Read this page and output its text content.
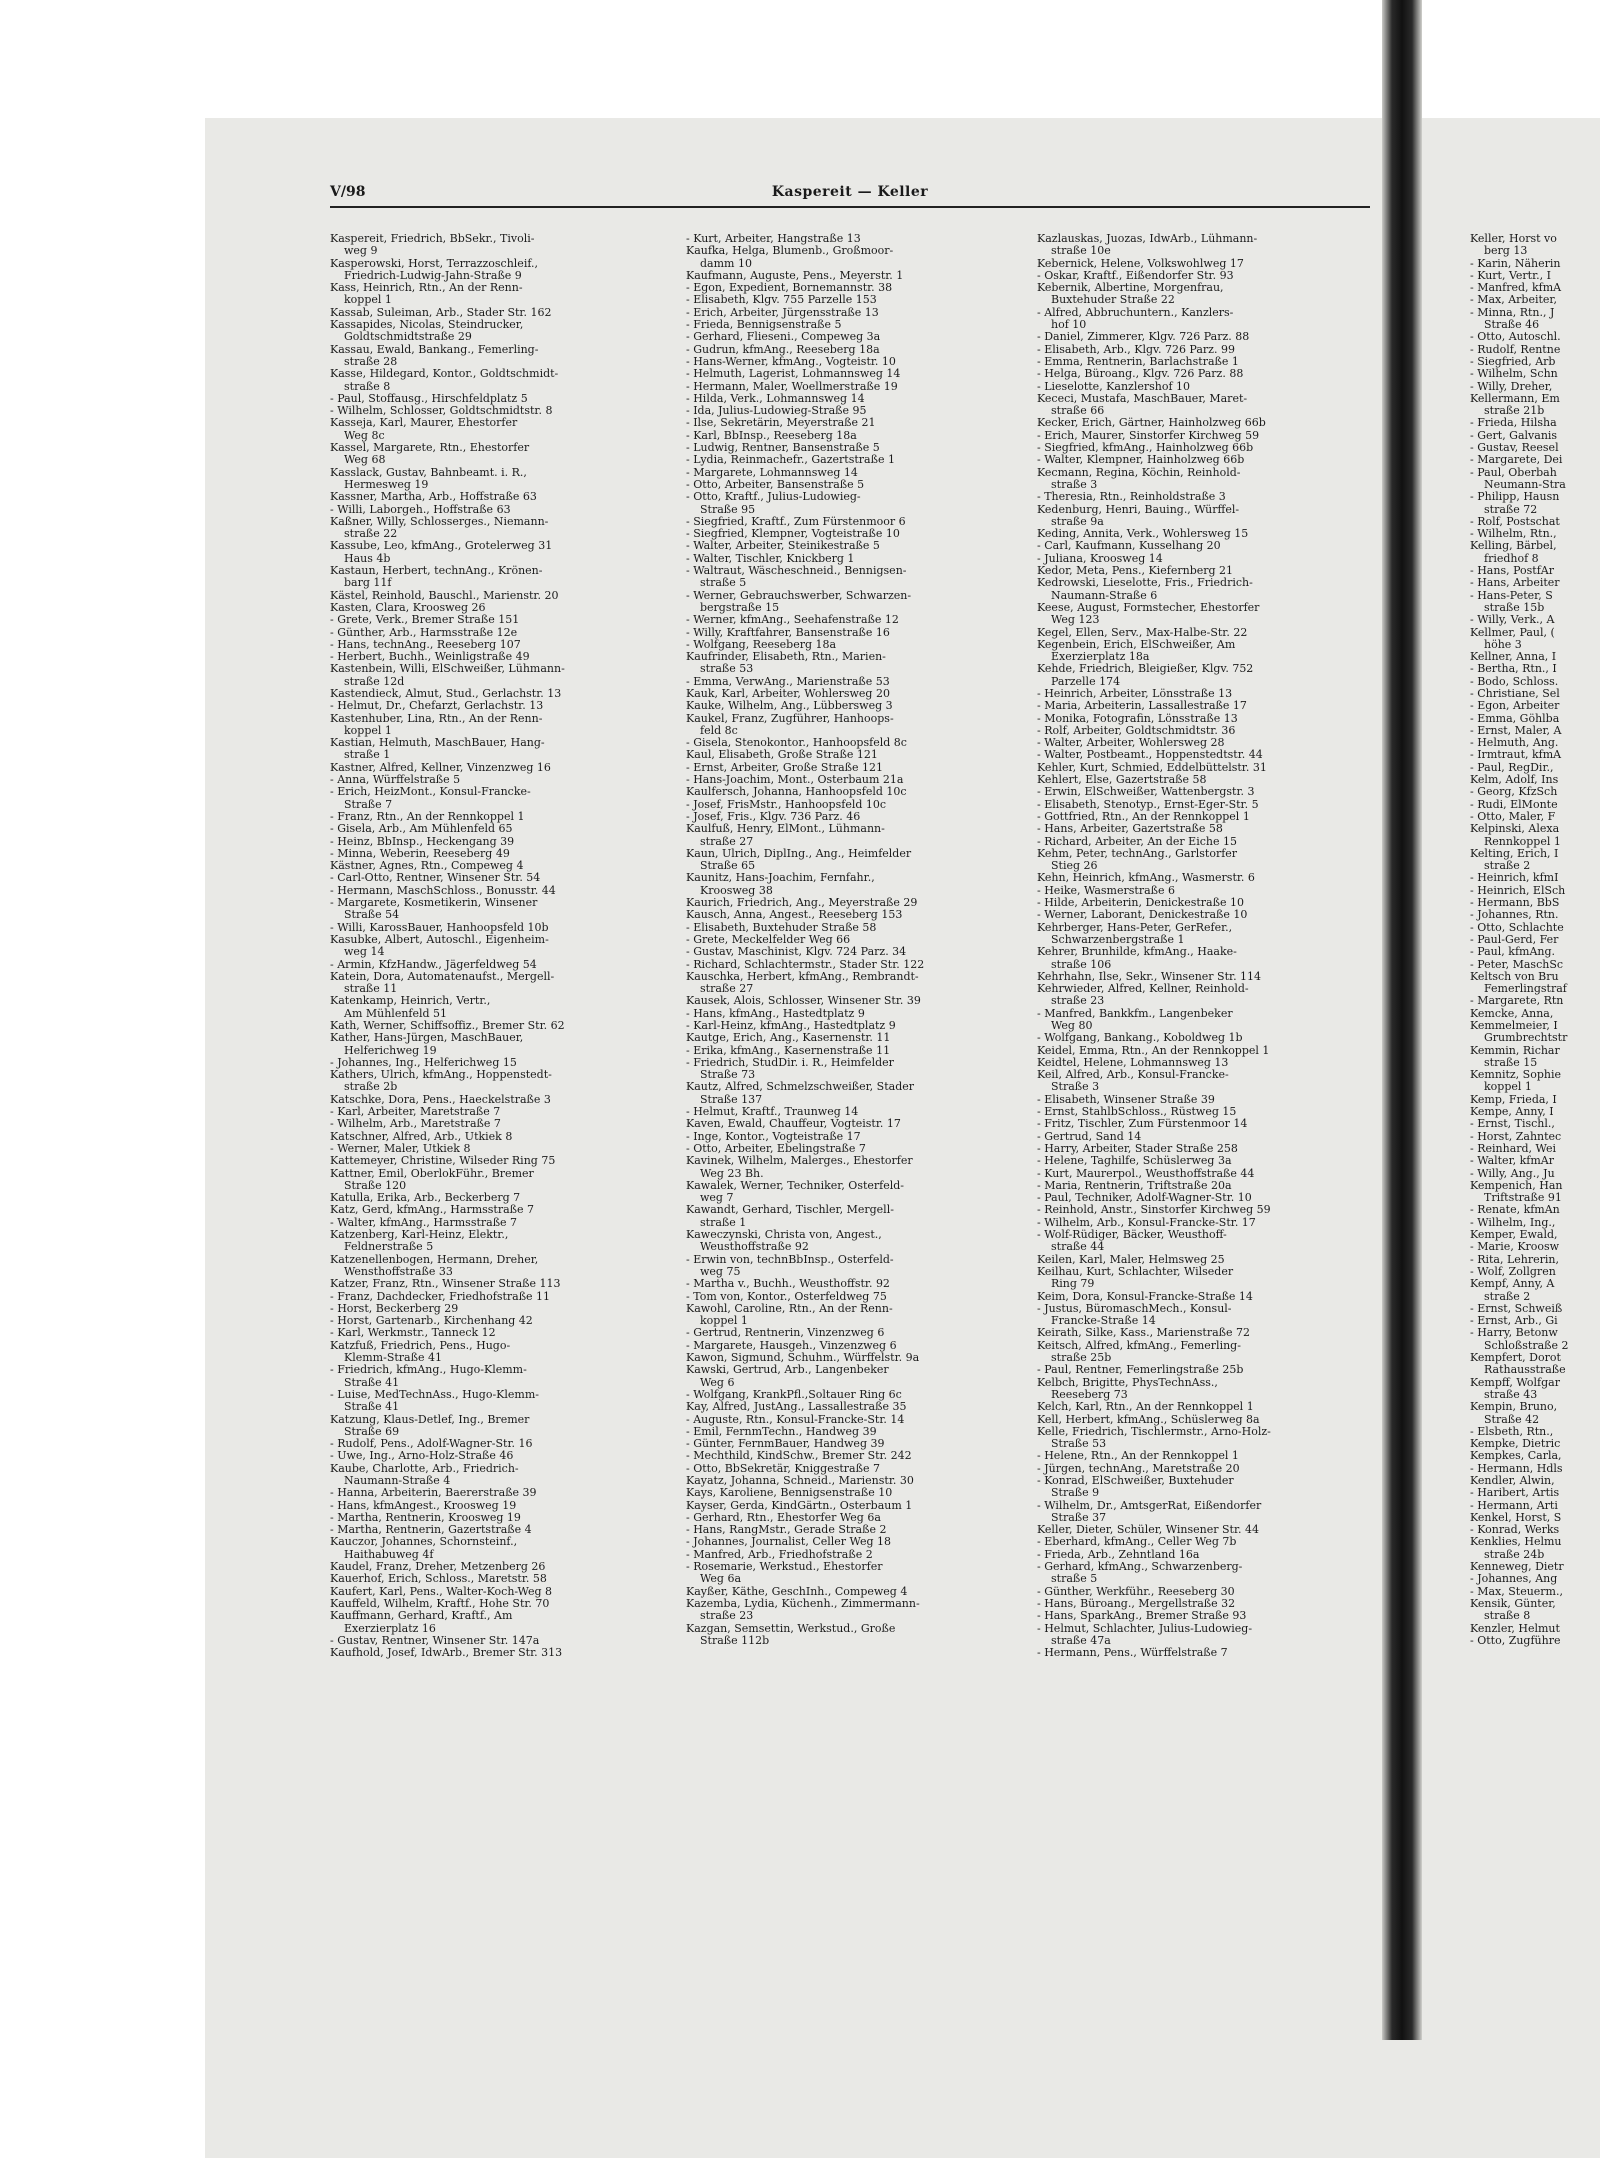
V/98	Kaspereit — Keller
Kaspereit, Friedrich, BbSekr., Tivoli-
weg 9
Kasperowski, Horst, Terrazzoschleif.,
Friedrich-Ludwig-Jahn-Straße 9
Kass, Heinrich, Rtn., An der Renn-
koppel 1
Kassab, Suleiman, Arb., Stader Str. 162
Kassapides, Nicolas, Steindrucker,
Goldtschmidtstraße 29
Kassau, Ewald, Bankang., Femerling-
straße 28
Kasse, Hildegard, Kontor., Goldtschmidt-
straße 8
- Paul, Stoffausg., Hirschfeldplatz 5
- Wilhelm, Schlosser, Goldtschmidtstr. 8
Kasseja, Karl, Maurer, Ehestorfer
Weg 8c
Kassel, Margarete, Rtn., Ehestorfer
Weg 68
Kasslack, Gustav, Bahnbeamt. i. R.,
Hermesweg 19
Kassner, Martha, Arb., Hoffstraße 63
- Willi, Laborgeh., Hoffstraße 63
Kaßner, Willy, Schlosserges., Niemann-
straße 22
Kassube, Leo, kfmAng., Grotelerweg 31
Haus 4b
Kastaun, Herbert, technAng., Krönen-
barg 11f
Kästel, Reinhold, Bauschl., Marienstr. 20
Kasten, Clara, Kroosweg 26
- Grete, Verk., Bremer Straße 151
- Günther, Arb., Harmsstraße 12e
- Hans, technAng., Reeseberg 107
- Herbert, Buchh., Weinligstraße 49
Kastenbein, Willi, ElSchweißer, Lühmann-
straße 12d
Kastendieck, Almut, Stud., Gerlachstr. 13
- Helmut, Dr., Chefarzt, Gerlachstr. 13
Kastenhuber, Lina, Rtn., An der Renn-
koppel 1
Kastian, Helmuth, MaschBauer, Hang-
straße 1
Kastner, Alfred, Kellner, Vinzenzweg 16
- Anna, Würffelstraße 5
- Erich, HeizMont., Konsul-Francke-
Straße 7
- Franz, Rtn., An der Rennkoppel 1
- Gisela, Arb., Am Mühlenfeld 65
- Heinz, BbInsp., Heckengang 39
- Minna, Weberin, Reeseberg 49
Kästner, Agnes, Rtn., Compeweg 4
- Carl-Otto, Rentner, Winsener Str. 54
- Hermann, MaschSchloss., Bonusstr. 44
- Margarete, Kosmetikerin, Winsener
Straße 54
- Willi, KarossBauer, Hanhoopsfeld 10b
Kasubke, Albert, Autoschl., Eigenheim-
weg 14
- Armin, KfzHandw., Jägerfeldweg 54
Katein, Dora, Automatenaufst., Mergell-
straße 11
Katenkamp, Heinrich, Vertr.,
Am Mühlenfeld 51
Kath, Werner, Schiffsoffiz., Bremer Str. 62
Kather, Hans-Jürgen, MaschBauer,
Helferichweg 19
- Johannes, Ing., Helferichweg 15
Kathers, Ulrich, kfmAng., Hoppenstedt-
straße 2b
Katschke, Dora, Pens., Haeckelstraße 3
- Karl, Arbeiter, Maretstraße 7
- Wilhelm, Arb., Maretstraße 7
Katschner, Alfred, Arb., Utkiek 8
- Werner, Maler, Utkiek 8
Kattemeyer, Christine, Wilseder Ring 75
Kattner, Emil, OberlokFühr., Bremer
Straße 120
Katulla, Erika, Arb., Beckerberg 7
Katz, Gerd, kfmAng., Harmsstraße 7
- Walter, kfmAng., Harmsstraße 7
Katzenberg, Karl-Heinz, Elektr.,
Feldnerstraße 5
Katzenellenbogen, Hermann, Dreher,
Wensthoffstraße 33
Katzer, Franz, Rtn., Winsener Straße 113
- Franz, Dachdecker, Friedhofstraße 11
- Horst, Beckerberg 29
- Horst, Gartenarb., Kirchenhang 42
- Karl, Werkmstr., Tanneck 12
Katzfuß, Friedrich, Pens., Hugo-
Klemm-Straße 41
- Friedrich, kfmAng., Hugo-Klemm-
Straße 41
- Luise, MedTechnAss., Hugo-Klemm-
Straße 41
Katzung, Klaus-Detlef, Ing., Bremer
Straße 69
- Rudolf, Pens., Adolf-Wagner-Str. 16
- Uwe, Ing., Arno-Holz-Straße 46
Kaube, Charlotte, Arb., Friedrich-
Naumann-Straße 4
- Hanna, Arbeiterin, Baererstraße 39
- Hans, kfmAngest., Kroosweg 19
- Martha, Rentnerin, Kroosweg 19
- Martha, Rentnerin, Gazertstraße 4
Kauczor, Johannes, Schornsteinf.,
Haithabuweg 4f
Kaudel, Franz, Dreher, Metzenberg 26
Kauerhof, Erich, Schloss., Maretstr. 58
Kaufert, Karl, Pens., Walter-Koch-Weg 8
Kauffeld, Wilhelm, Kraftf., Hohe Str. 70
Kauffmann, Gerhard, Kraftf., Am
Exerzierplatz 16
- Gustav, Rentner, Winsener Str. 147a
Kaufhold, Josef, IdwArb., Bremer Str. 313
- Kurt, Arbeiter, Hangstraße 13
Kaufka, Helga, Blumenb., Großmoor-
damm 10
Kaufmann, Auguste, Pens., Meyerstr. 1
- Egon, Expedient, Bornemannstr. 38
- Elisabeth, Klgv. 755 Parzelle 153
- Erich, Arbeiter, Jürgensstraße 13
- Frieda, Bennigsenstraße 5
- Gerhard, Flieseni., Compeweg 3a
- Gudrun, kfmAng., Reeseberg 18a
- Hans-Werner, kfmAng., Vogteistr. 10
- Helmuth, Lagerist, Lohmannsweg 14
- Hermann, Maler, Woellmerstraße 19
- Hilda, Verk., Lohmannsweg 14
- Ida, Julius-Ludowieg-Straße 95
- Ilse, Sekretärin, Meyerstraße 21
- Karl, BbInsp., Reeseberg 18a
- Ludwig, Rentner, Bansenstraße 5
- Lydia, Reinmachefr., Gazertstraße 1
- Margarete, Lohmannsweg 14
- Otto, Arbeiter, Bansenstraße 5
- Otto, Kraftf., Julius-Ludowieg-
Straße 95
- Siegfried, Kraftf., Zum Fürstenmoor 6
- Siegfried, Klempner, Vogteistraße 10
- Walter, Arbeiter, Steinikestraße 5
- Walter, Tischler, Knickberg 1
- Waltraut, Wäscheschneid., Bennigsen-
straße 5
- Werner, Gebrauchswerber, Schwarzen-
bergstraße 15
- Werner, kfmAng., Seehafenstraße 12
- Willy, Kraftfahrer, Bansenstraße 16
- Wolfgang, Reeseberg 18a
Kaufrinder, Elisabeth, Rtn., Marien-
straße 53
- Emma, VerwAng., Marienstraße 53
Kauk, Karl, Arbeiter, Wohlersweg 20
Kauke, Wilhelm, Ang., Lübbersweg 3
Kaukel, Franz, Zugführer, Hanhoops-
feld 8c
- Gisela, Stenokontor., Hanhoopsfeld 8c
Kaul, Elisabeth, Große Straße 121
- Ernst, Arbeiter, Große Straße 121
- Hans-Joachim, Mont., Osterbaum 21a
Kaulfersch, Johanna, Hanhoopsfeld 10c
- Josef, FrisMstr., Hanhoopsfeld 10c
- Josef, Fris., Klgv. 736 Parz. 46
Kaulfuß, Henry, ElMont., Lühmann-
straße 27
Kaun, Ulrich, DiplIng., Ang., Heimfelder
Straße 65
Kaunitz, Hans-Joachim, Fernfahr.,
Kroosweg 38
Kaurich, Friedrich, Ang., Meyerstraße 29
Kausch, Anna, Angest., Reeseberg 153
- Elisabeth, Buxtehuder Straße 58
- Grete, Meckelfelder Weg 66
- Gustav, Maschinist, Klgv. 724 Parz. 34
- Richard, Schlachtermstr., Stader Str. 122
Kauschka, Herbert, kfmAng., Rembrandt-
straße 27
Kausek, Alois, Schlosser, Winsener Str. 39
- Hans, kfmAng., Hastedtplatz 9
- Karl-Heinz, kfmAng., Hastedtplatz 9
Kautge, Erich, Ang., Kasernenstr. 11
- Erika, kfmAng., Kasernenstraße 11
- Friedrich, StudDir. i. R., Heimfelder
Straße 73
Kautz, Alfred, Schmelzschweißer, Stader
Straße 137
- Helmut, Kraftf., Traunweg 14
Kaven, Ewald, Chauffeur, Vogteistr. 17
- Inge, Kontor., Vogteistraße 17
- Otto, Arbeiter, Ebelingstraße 7
Kavinek, Wilhelm, Malerges., Ehestorfer
Weg 23 Bh.
Kawalek, Werner, Techniker, Osterfeld-
weg 7
Kawandt, Gerhard, Tischler, Mergell-
straße 1
Kaweczynski, Christa von, Angest.,
Weusthoffstraße 92
- Erwin von, technBbInsp., Osterfeld-
weg 75
- Martha v., Buchh., Weusthoffstr. 92
- Tom von, Kontor., Osterfeldweg 75
Kawohl, Caroline, Rtn., An der Renn-
koppel 1
- Gertrud, Rentnerin, Vinzenzweg 6
- Margarete, Hausgeh., Vinzenzweg 6
Kawon, Sigmund, Schuhm., Würffelstr. 9a
Kawski, Gertrud, Arb., Langenbeker
Weg 6
- Wolfgang, KrankPfl.,Soltauer Ring 6c
Kay, Alfred, JustAng., Lassallestraße 35
- Auguste, Rtn., Konsul-Francke-Str. 14
- Emil, FernmTechn., Handweg 39
- Günter, FernmBauer, Handweg 39
- Mechthild, KindSchw., Bremer Str. 242
- Otto, BbSekretär, Kniggestraße 7
Kayatz, Johanna, Schneid., Marienstr. 30
Kays, Karoliene, Bennigsenstraße 10
Kayser, Gerda, KindGärtn., Osterbaum 1
- Gerhard, Rtn., Ehestorfer Weg 6a
- Hans, RangMstr., Gerade Straße 2
- Johannes, Journalist, Celler Weg 18
- Manfred, Arb., Friedhofstraße 2
- Rosemarie, Werkstud., Ehestorfer
Weg 6a
Kayßer, Käthe, GeschInh., Compeweg 4
Kazemba, Lydia, Küchenh., Zimmermann-
straße 23
Kazgan, Semsettin, Werkstud., Große
Straße 112b
Kazlauskas, Juozas, IdwArb., Lühmann-
straße 10e
Kebernick, Helene, Volkswohlweg 17
- Oskar, Kraftf., Eißendorfer Str. 93
Kebernik, Albertine, Morgenfrau,
Buxtehuder Straße 22
- Alfred, Abbruchuntern., Kanzlers-
hof 10
- Daniel, Zimmerer, Klgv. 726 Parz. 88
- Elisabeth, Arb., Klgv. 726 Parz. 99
- Emma, Rentnerin, Barlachstraße 1
- Helga, Büroang., Klgv. 726 Parz. 88
- Lieselotte, Kanzlershof 10
Kececi, Mustafa, MaschBauer, Maret-
straße 66
Kecker, Erich, Gärtner, Hainholzweg 66b
- Erich, Maurer, Sinstorfer Kirchweg 59
- Siegfried, kfmAng., Hainholzweg 66b
- Walter, Klempner, Hainholzweg 66b
Kecmann, Regina, Köchin, Reinhold-
straße 3
- Theresia, Rtn., Reinholdstraße 3
Kedenburg, Henri, Bauing., Würffel-
straße 9a
Keding, Annita, Verk., Wohlersweg 15
- Carl, Kaufmann, Kusselhang 20
- Juliana, Kroosweg 14
Kedor, Meta, Pens., Kiefernberg 21
Kedrowski, Lieselotte, Fris., Friedrich-
Naumann-Straße 6
Keese, August, Formstecher, Ehestorfer
Weg 123
Kegel, Ellen, Serv., Max-Halbe-Str. 22
Kegenbein, Erich, ElSchweißer, Am
Exerzierplatz 18a
Kehde, Friedrich, Bleigießer, Klgv. 752
Parzelle 174
- Heinrich, Arbeiter, Lönsstraße 13
- Maria, Arbeiterin, Lassallestraße 17
- Monika, Fotografin, Lönsstraße 13
- Rolf, Arbeiter, Goldtschmidtstr. 36
- Walter, Arbeiter, Wohlersweg 28
- Walter, Postbeamt., Hoppenstedtstr. 44
Kehler, Kurt, Schmied, Eddelbüttelstr. 31
Kehlert, Else, Gazertstraße 58
- Erwin, ElSchweißer, Wattenbergstr. 3
- Elisabeth, Stenotyp., Ernst-Eger-Str. 5
- Gottfried, Rtn., An der Rennkoppel 1
- Hans, Arbeiter, Gazertstraße 58
- Richard, Arbeiter, An der Eiche 15
Kehm, Peter, technAng., Garlstorfer
Stieg 26
Kehn, Heinrich, kfmAng., Wasmerstr. 6
- Heike, Wasmerstraße 6
- Hilde, Arbeiterin, Denickestraße 10
- Werner, Laborant, Denickestraße 10
Kehrberger, Hans-Peter, GerRefer.,
Schwarzenbergstraße 1
Kehrer, Brunhilde, kfmAng., Haake-
straße 106
Kehrhahn, Ilse, Sekr., Winsener Str. 114
Kehrwieder, Alfred, Kellner, Reinhold-
straße 23
- Manfred, Bankkfm., Langenbeker
Weg 80
- Wolfgang, Bankang., Koboldweg 1b
Keidel, Emma, Rtn., An der Rennkoppel 1
Keidtel, Helene, Lohmannsweg 13
Keil, Alfred, Arb., Konsul-Francke-
Straße 3
- Elisabeth, Winsener Straße 39
- Ernst, StahlbSchloss., Rüstweg 15
- Fritz, Tischler, Zum Fürstenmoor 14
- Gertrud, Sand 14
- Harry, Arbeiter, Stader Straße 258
- Helene, Taghilfe, Schüslerweg 3a
- Kurt, Maurerpol., Weusthoffstraße 44
- Maria, Rentnerin, Triftstraße 20a
- Paul, Techniker, Adolf-Wagner-Str. 10
- Reinhold, Anstr., Sinstorfer Kirchweg 59
- Wilhelm, Arb., Konsul-Francke-Str. 17
- Wolf-Rüdiger, Bäcker, Weusthoff-
straße 44
Keilen, Karl, Maler, Helmsweg 25
Keilhau, Kurt, Schlachter, Wilseder
Ring 79
Keim, Dora, Konsul-Francke-Straße 14
- Justus, BüromaschMech., Konsul-
Francke-Straße 14
Keirath, Silke, Kass., Marienstraße 72
Keitsch, Alfred, kfmAng., Femerling-
straße 25b
- Paul, Rentner, Femerlingstraße 25b
Kelbch, Brigitte, PhysTechnAss.,
Reeseberg 73
Kelch, Karl, Rtn., An der Rennkoppel 1
Kell, Herbert, kfmAng., Schüslerweg 8a
Kelle, Friedrich, Tischlermstr., Arno-Holz-
Straße 53
- Helene, Rtn., An der Rennkoppel 1
- Jürgen, technAng., Maretstraße 20
- Konrad, ElSchweißer, Buxtehuder
Straße 9
- Wilhelm, Dr., AmtsgerRat, Eißendorfer
Straße 37
Keller, Dieter, Schüler, Winsener Str. 44
- Eberhard, kfmAng., Celler Weg 7b
- Frieda, Arb., Zehntland 16a
- Gerhard, kfmAng., Schwarzenberg-
straße 5
- Günther, Werkführ., Reeseberg 30
- Hans, Büroang., Mergellstraße 32
- Hans, SparkAng., Bremer Straße 93
- Helmut, Schlachter, Julius-Ludowieg-
straße 47a
- Hermann, Pens., Würffelstraße 7
Keller, Horst vo
berg 13
- Karin, Näherin
- Kurt, Vertr., I
- Manfred, kfmA
- Max, Arbeiter,
- Minna, Rtn., J
Straße 46
- Otto, Autoschl.
- Rudolf, Rentne
- Siegfried, Arb
- Wilhelm, Schn
- Willy, Dreher,
Kellermann, Em
straße 21b
- Frieda, Hilsha
- Gert, Galvanis
- Gustav, Reesel
- Margarete, Dei
- Paul, Oberbah
Neumann-Stra
- Philipp, Hausn
straße 72
- Rolf, Postschat
- Wilhelm, Rtn.,
Kelling, Bärbel,
friedhof 8
- Hans, PostfAr
- Hans, Arbeiter
- Hans-Peter, S
straße 15b
- Willy, Verk., A
Kellmer, Paul, (
höhe 3
Kellner, Anna, I
- Bertha, Rtn., I
- Bodo, Schloss.
- Christiane, Sel
- Egon, Arbeiter
- Emma, Göhlba
- Ernst, Maler, A
- Helmuth, Ang.
- Irmtraut, kfmA
- Paul, RegDir.,
Kelm, Adolf, Ins
- Georg, KfzSch
- Rudi, ElMonte
- Otto, Maler, F
Kelpinski, Alexa
Rennkoppel 1
Kelting, Erich, I
straße 2
- Heinrich, kfmI
- Heinrich, ElSch
- Hermann, BbS
- Johannes, Rtn.
- Otto, Schlachte
- Paul-Gerd, Fer
- Paul, kfmAng.
- Peter, MaschSc
Keltsch von Bru
Femerlingstraf
- Margarete, Rtn
Kemcke, Anna,
Kemmelmeier, I
Grumbrechtstr
Kemmin, Richar
straße 15
Kemnitz, Sophie
koppel 1
Kemp, Frieda, I
Kempe, Anny, I
- Ernst, Tischl.,
- Horst, Zahntec
- Reinhard, Wei
- Walter, kfmAr
- Willy, Ang., Ju
Kempenich, Han
Triftstraße 91
- Renate, kfmAn
- Wilhelm, Ing.,
Kemper, Ewald,
- Marie, Kroosw
- Rita, Lehrerin,
- Wolf, Zollgren
Kempf, Anny, A
straße 2
- Ernst, Schweiß
- Ernst, Arb., Gi
- Harry, Betonw
Schloßstraße 2
Kempfert, Dorot
Rathausstraße
Kempff, Wolfgar
straße 43
Kempin, Bruno,
Straße 42
- Elsbeth, Rtn.,
Kempke, Dietric
Kempkes, Carla,
- Hermann, Hdls
Kendler, Alwin,
- Haribert, Artis
- Hermann, Arti
Kenkel, Horst, S
- Konrad, Werks
Kenklies, Helmu
straße 24b
Kenneweg, Dietr
- Johannes, Ang
- Max, Steuerm.,
Kensik, Günter,
straße 8
Kenzler, Helmut
- Otto, Zugführe
